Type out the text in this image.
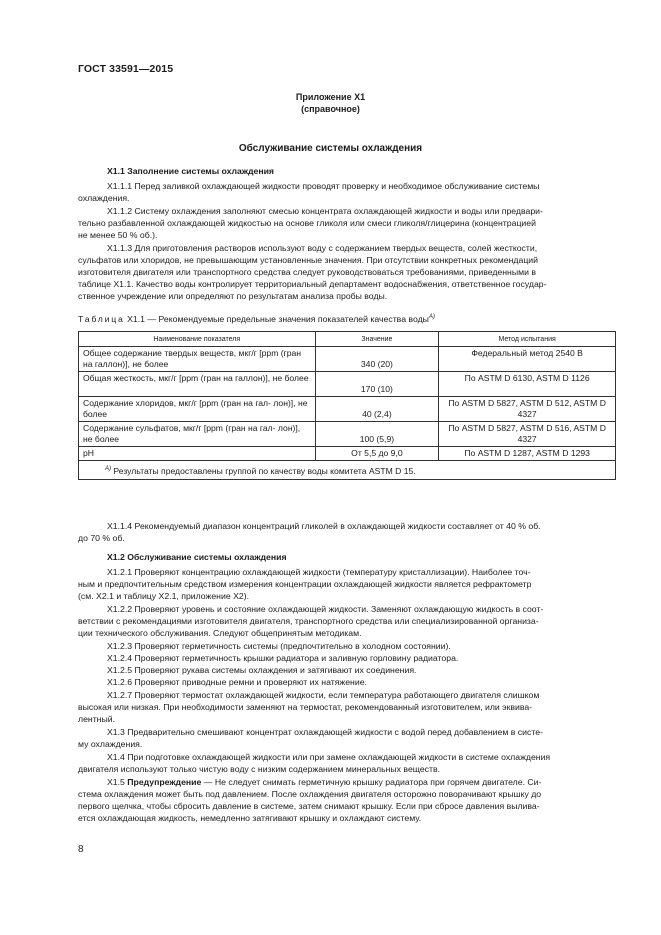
ГОСТ 33591—2015
Приложение Х1
(справочное)
Обслуживание системы охлаждения
X1.1 Заполнение системы охлаждения
X1.1.1 Перед заливкой охлаждающей жидкости проводят проверку и необходимое обслуживание системы
охлаждения.
X1.1.2 Систему охлаждения заполняют смесью концентрата охлаждающей жидкости и воды или предвари-
тельно разбавленной охлаждающей жидкостью на основе гликоля или смеси гликоля/глицерина (концентрацией
не менее 50 % об.).
X1.1.3 Для приготовления растворов используют воду с содержанием твердых веществ, солей жесткости,
сульфатов или хлоридов, не превышающим установленные значения. При отсутствии конкретных рекомендаций
изготовителя двигателя или транспортного средства следует руководствоваться требованиями, приведенными в
таблице X1.1. Качество воды контролирует территориальный департамент водоснабжения, ответственное государ-
ственное учреждение или определяют по результатам анализа пробы воды.
Таблица X1.1 — Рекомендуемые предельные значения показателей качества воды$^{А)}$
Наименование показателя	Значение	Метод испытания
Общее содержание твердых веществ, мкг/г [ppm (гран на галлон)], не более	340 (20)	Федеральный метод 2540 В
Общая жесткость, мкг/г [ppm (гран на галлон)], не более	170 (10)	По ASTM D 6130, ASTM D 1126
Содержание хлоридов, мкг/г [ppm (гран на гал- лон)], не более	40 (2,4)	По ASTM D 5827, ASTM D 512, ASTM D 4327
Содержание сульфатов, мкг/г [ppm (гран на гал- лон)], не более	100 (5,9)	По ASTM D 5827, ASTM D 516, ASTM D 4327
pH	От 5,5 до 9,0	По ASTM D 1287, ASTM D 1293
$^{А)}$ Результаты предоставлены группой по качеству воды комитета ASTM D 15.		
X1.1.4 Рекомендуемый диапазон концентраций гликолей в охлаждающей жидкости составляет от 40 % об.
до 70 % об.
X1.2 Обслуживание системы охлаждения
X1.2.1 Проверяют концентрацию охлаждающей жидкости (температуру кристаллизации). Наиболее точ-
ным и предпочтительным средством измерения концентрации охлаждающей жидкости является рефрактометр
(см. X2.1 и таблицу X2.1, приложение X2).
X1.2.2 Проверяют уровень и состояние охлаждающей жидкости. Заменяют охлаждающую жидкость в соот-
ветствии с рекомендациями изготовителя двигателя, транспортного средства или специализированной организа-
ции технического обслуживания. Следуют общепринятым методикам.
X1.2.3 Проверяют герметичность системы (предпочтительно в холодном состоянии).
X1.2.4 Проверяют герметичность крышки радиатора и заливную горловину радиатора.
X1.2.5 Проверяют рукава системы охлаждения и затягивают их соединения.
X1.2.6 Проверяют приводные ремни и проверяют их натяжение.
X1.2.7 Проверяют термостат охлаждающей жидкости, если температура работающего двигателя слишком
высокая или низкая. При необходимости заменяют на термостат, рекомендованный изготовителем, или эквива-
лентный.
X1.3 Предварительно смешивают концентрат охлаждающей жидкости с водой перед добавлением в систе-
му охлаждения.
X1.4 При подготовке охлаждающей жидкости или при замене охлаждающей жидкости в системе охлаждения
двигателя используют только чистую воду с низким содержанием минеральных веществ.
X1.5 Предупреждение — Не следует снимать герметичную крышку радиатора при горячем двигателе. Си-
стема охлаждения может быть под давлением. После охлаждения двигателя осторожно поворачивают крышку до
первого щелчка, чтобы сбросить давление в системе, затем снимают крышку. Если при сбросе давления вылива-
ется охлаждающая жидкость, немедленно затягивают крышку и охлаждают систему.
8
